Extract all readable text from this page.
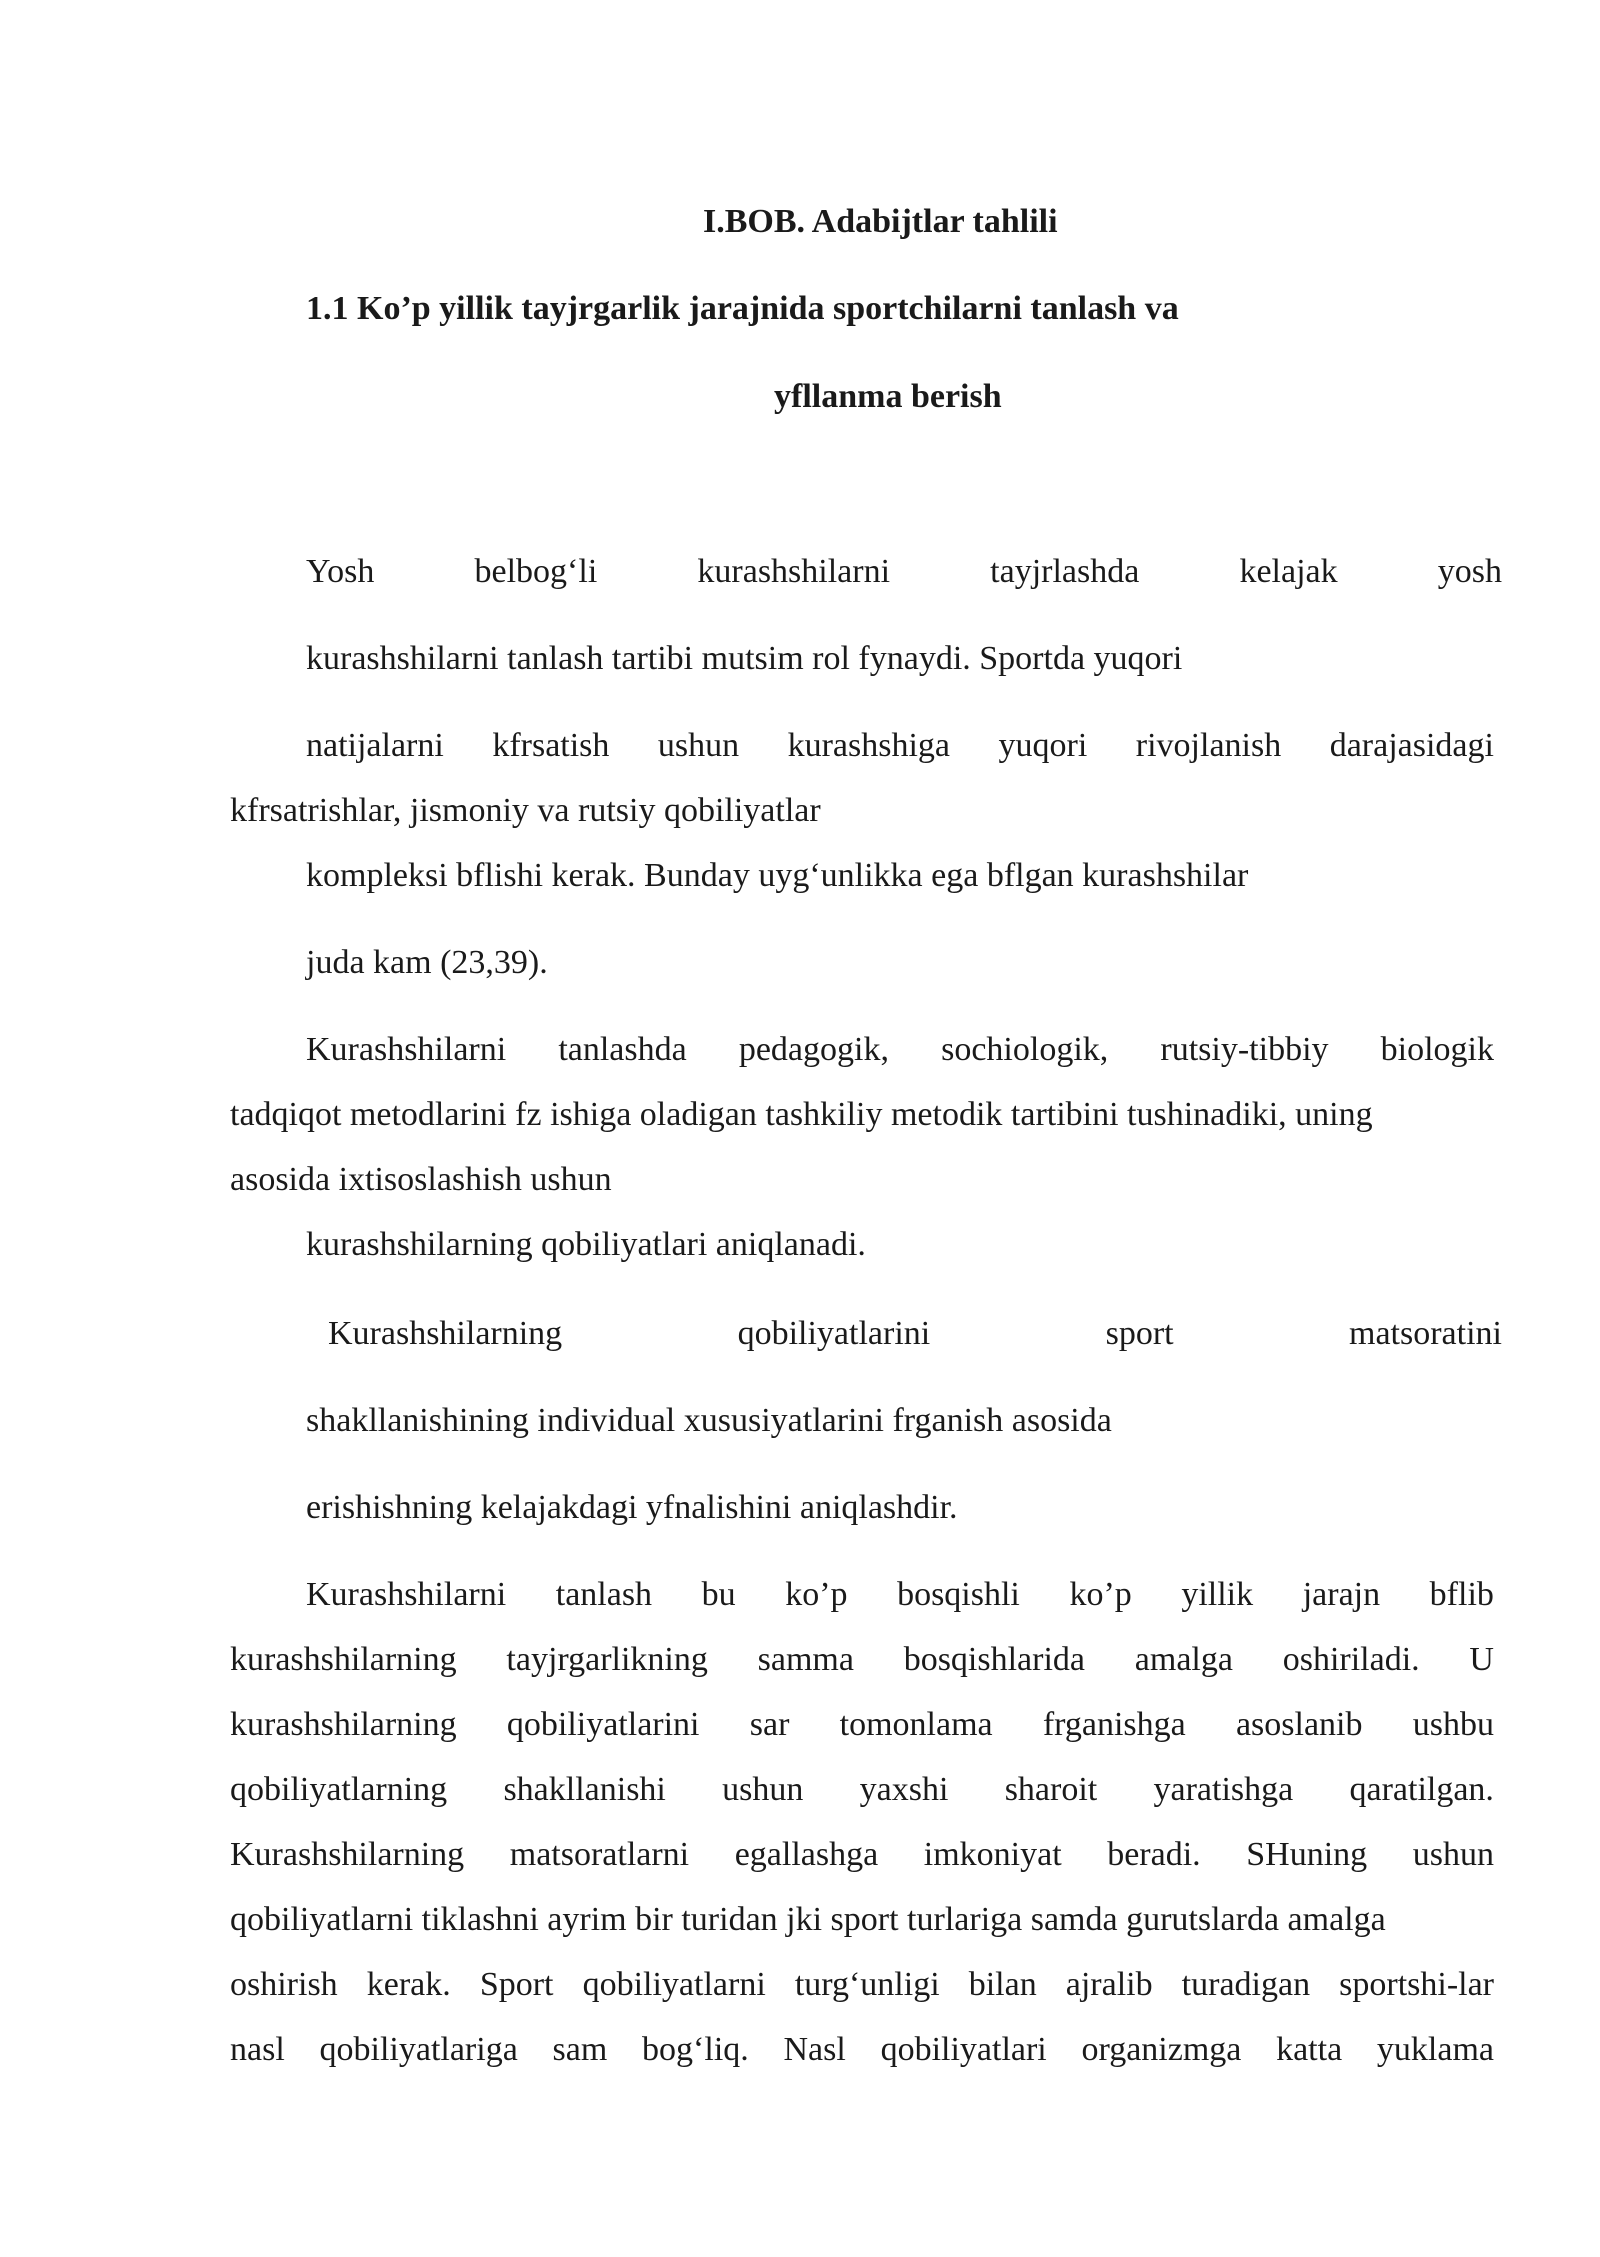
I.BOB. Adabijtlar tahlili
1.1 Ko’p yillik tayjrgarlik jarajnida sportchilarni tanlash va
yfllanma berish
Yosh	belbog‘li	kurashshilarni	tayjrlashda	kelajak	yosh
kurashshilarni tanlash tartibi mutsim rol fynaydi. Sportda yuqori
natijalarni kfrsatish ushun kurashshiga yuqori rivojlanish darajasidagi
kfrsatrishlar, jismoniy va rutsiy qobiliyatlar
kompleksi bflishi kerak. Bunday uyg‘unlikka ega bflgan kurashshilar
juda kam (23,39).
Kurashshilarni tanlashda pedagogik, sochiologik, rutsiy-tibbiy biologik
tadqiqot metodlarini fz ishiga oladigan tashkiliy metodik tartibini tushinadiki, uning
asosida ixtisoslashish ushun
kurashshilarning qobiliyatlari aniqlanadi.
Kurashshilarning	qobiliyatlarini	sport	matsoratini
shakllanishining individual xususiyatlarini frganish asosida
erishishning kelajakdagi yfnalishini aniqlashdir.
Kurashshilarni tanlash bu ko’p bosqishli ko’p yillik jarajn bflib
kurashshilarning tayjrgarlikning samma bosqishlarida amalga oshiriladi. U
kurashshilarning qobiliyatlarini sar tomonlama frganishga asoslanib ushbu
qobiliyatlarning shakllanishi ushun yaxshi sharoit yaratishga qaratilgan.
Kurashshilarning matsoratlarni egallashga imkoniyat beradi. SHuning ushun
qobiliyatlarni tiklashni ayrim bir turidan jki sport turlariga samda gurutslarda amalga
oshirish kerak. Sport qobiliyatlarni turg‘unligi bilan ajralib turadigan sportshi-lar
nasl qobiliyatlariga sam bog‘liq. Nasl qobiliyatlari organizmga katta yuklama
